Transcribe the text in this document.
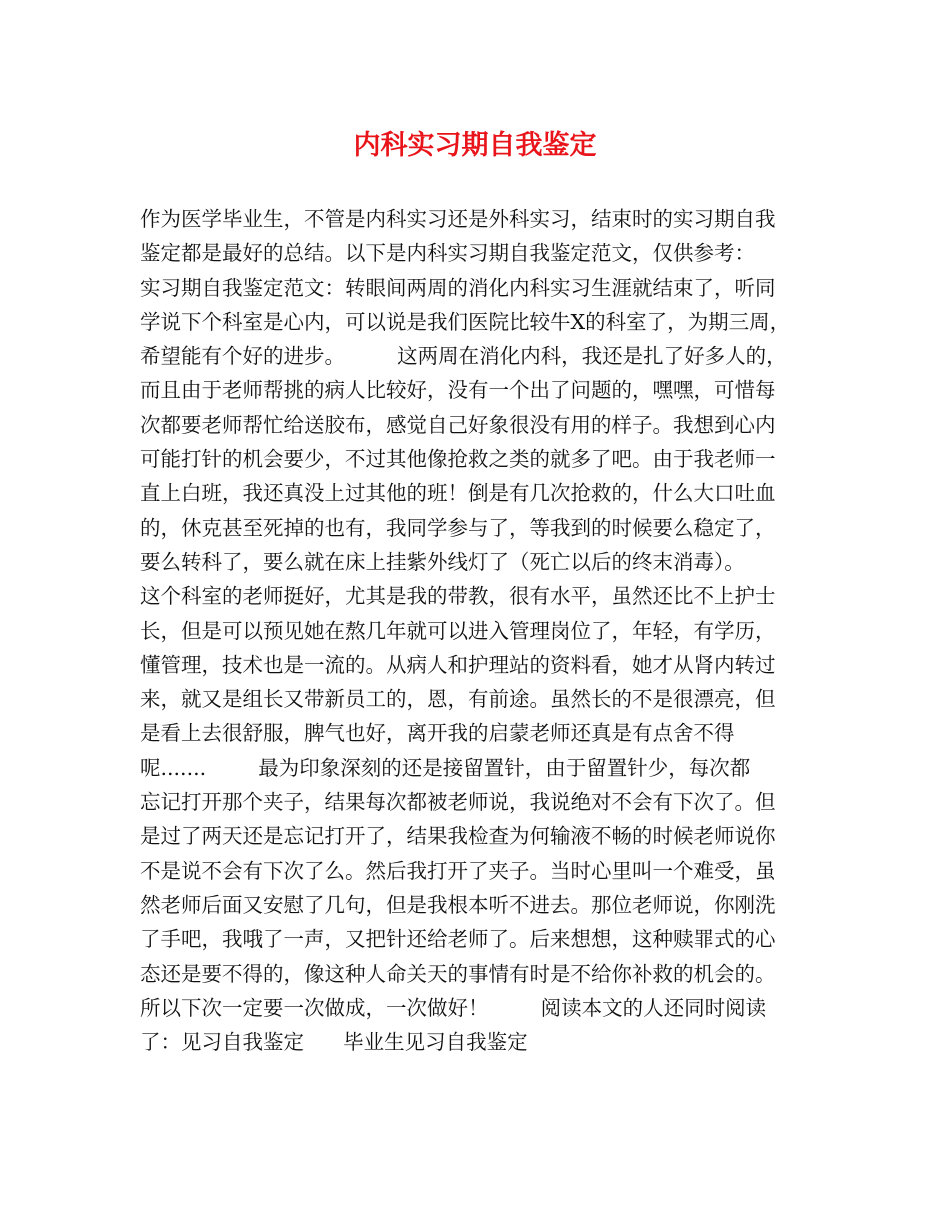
内科实习期自我鉴定
作为医学毕业生，不管是内科实习还是外科实习，结束时的实习期自我
鉴定都是最好的总结。以下是内科实习期自我鉴定范文，仅供参考：
实习期自我鉴定范文：转眼间两周的消化内科实习生涯就结束了，听同
学说下个科室是心内，可以说是我们医院比较牛X的科室了，为期三周，
希望能有个好的进步。        这两周在消化内科，我还是扎了好多人的，
而且由于老师帮挑的病人比较好，没有一个出了问题的，嘿嘿，可惜每
次都要老师帮忙给送胶布，感觉自己好象很没有用的样子。我想到心内
可能打针的机会要少，不过其他像抢救之类的就多了吧。由于我老师一
直上白班，我还真没上过其他的班！倒是有几次抢救的，什么大口吐血
的，休克甚至死掉的也有，我同学参与了，等我到的时候要么稳定了，
要么转科了，要么就在床上挂紫外线灯了（死亡以后的终末消毒）。
这个科室的老师挺好，尤其是我的带教，很有水平，虽然还比不上护士
长，但是可以预见她在熬几年就可以进入管理岗位了，年轻，有学历，
懂管理，技术也是一流的。从病人和护理站的资料看，她才从肾内转过
来，就又是组长又带新员工的，恩，有前途。虽然长的不是很漂亮，但
是看上去很舒服，脾气也好，离开我的启蒙老师还真是有点舍不得
呢.......        最为印象深刻的还是接留置针，由于留置针少，每次都
忘记打开那个夹子，结果每次都被老师说，我说绝对不会有下次了。但
是过了两天还是忘记打开了，结果我检查为何输液不畅的时候老师说你
不是说不会有下次了么。然后我打开了夹子。当时心里叫一个难受，虽
然老师后面又安慰了几句，但是我根本听不进去。那位老师说，你刚洗
了手吧，我哦了一声，又把针还给老师了。后来想想，这种赎罪式的心
态还是要不得的，像这种人命关天的事情有时是不给你补救的机会的。
所以下次一定要一次做成，一次做好！        阅读本文的人还同时阅读
了：见习自我鉴定      毕业生见习自我鉴定
